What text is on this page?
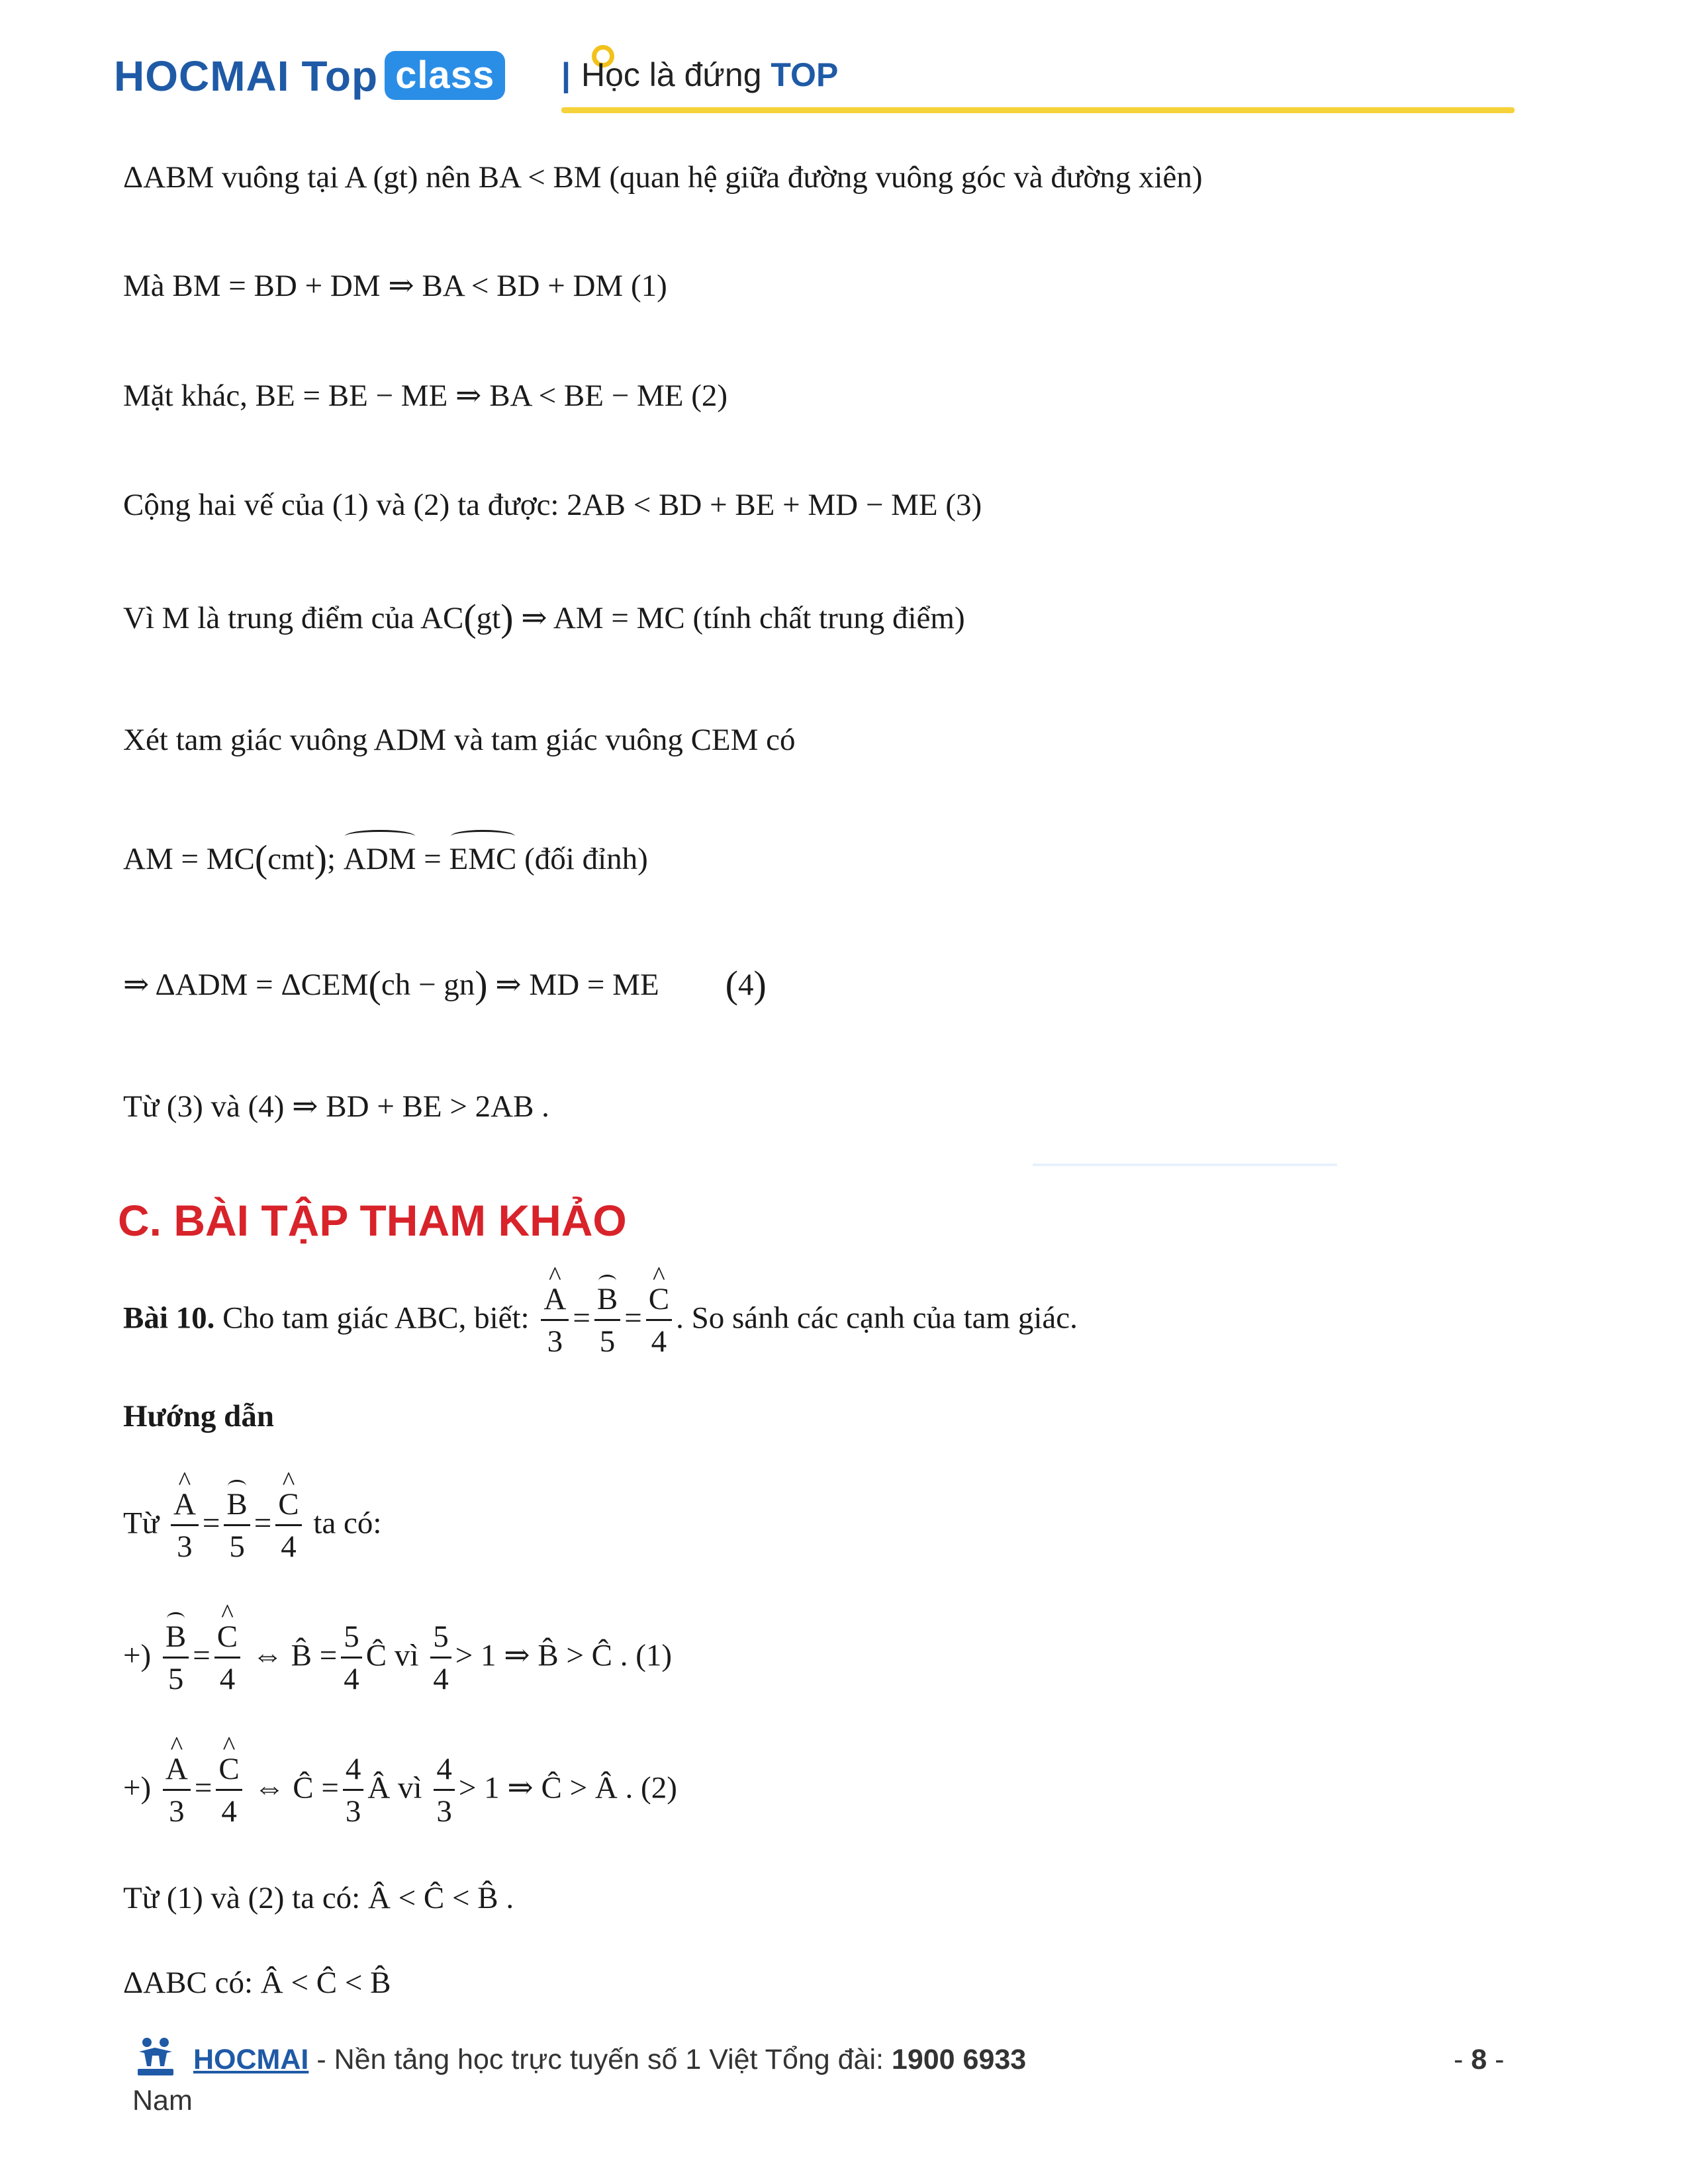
HOCMAI Top class	| Học là đứng TOP
ΔABM vuông tại A (gt) nên BA < BM (quan hệ giữa đường vuông góc và đường xiên)
Mà BM = BD + DM ⇒ BA < BD + DM (1)
Mặt khác, BE = BE − ME ⇒ BA < BE − ME (2)
Cộng hai vế của (1) và (2) ta được: 2AB < BD + BE + MD − ME (3)
Vì M là trung điểm của AC(gt) ⇒ AM = MC (tính chất trung điểm)
Xét tam giác vuông ADM và tam giác vuông CEM có
AM = MC(cmt); ADM = EMC (đối đỉnh)
⇒ ΔADM = ΔCEM(ch − gn) ⇒ MD = ME (4)
Từ (3) và (4) ⇒ BD + BE > 2AB .
C. BÀI TẬP THAM KHẢO
Bài 10. Cho tam giác ABC, biết: ^ $\frac{A}{3} = \frac{B}{5}$ = ^ $\frac{C}{4}$ . So sánh các cạnh của tam giác.
Hướng dẫn
Từ ^ $\frac{A}{3} = \frac{B}{5}$ = ^ $\frac{C}{4}$ ta có:
+) $\frac{B}{5}$ = ^ $\frac{C}{4}$ ⇔ B̂ = $\frac{5}{4}$ Ĉ vì $\frac{5}{4} > 1$ ⇒ B̂ > Ĉ . (1)
+) ^ $\frac{A}{3}$ = ^ $\frac{C}{4}$ ⇔ Ĉ = $\frac{4}{3}$ Â vì $\frac{4}{3} > 1$ ⇒ Ĉ > Â . (2)
Từ (1) và (2) ta có: Â < Ĉ < B̂ .
ΔABC có: Â < Ĉ < B̂
HOCMAI - Nền tảng học trực tuyến số 1 Việt Tổng đài: 1900 6933
Nam
- 8 -
